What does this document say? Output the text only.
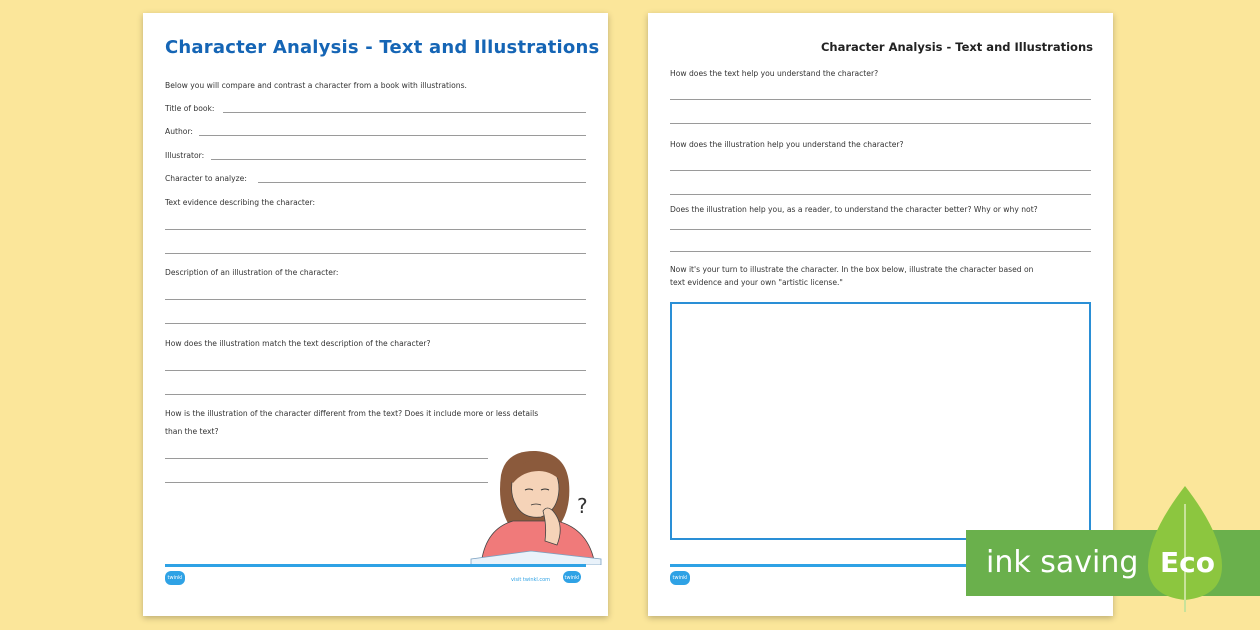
Character Analysis - Text and Illustrations
Below you will compare and contrast a character from a book with illustrations.
Title of book:
Author:
Illustrator:
Character to analyze:
Text evidence describing the character:
Description of an illustration of the character:
How does the illustration match the text description of the character?
How is the illustration of the character different from the text? Does it include more or less details
than the text?
?
twinkl	visit twinkl.com	twinkl
Character Analysis - Text and Illustrations
How does the text help you understand the character?
How does the illustration help you understand the character?
Does the illustration help you, as a reader, to understand the character better? Why or why not?
Now it's your turn to illustrate the character. In the box below, illustrate the character based on
text evidence and your own "artistic license."
twinkl	ink saving Eco
